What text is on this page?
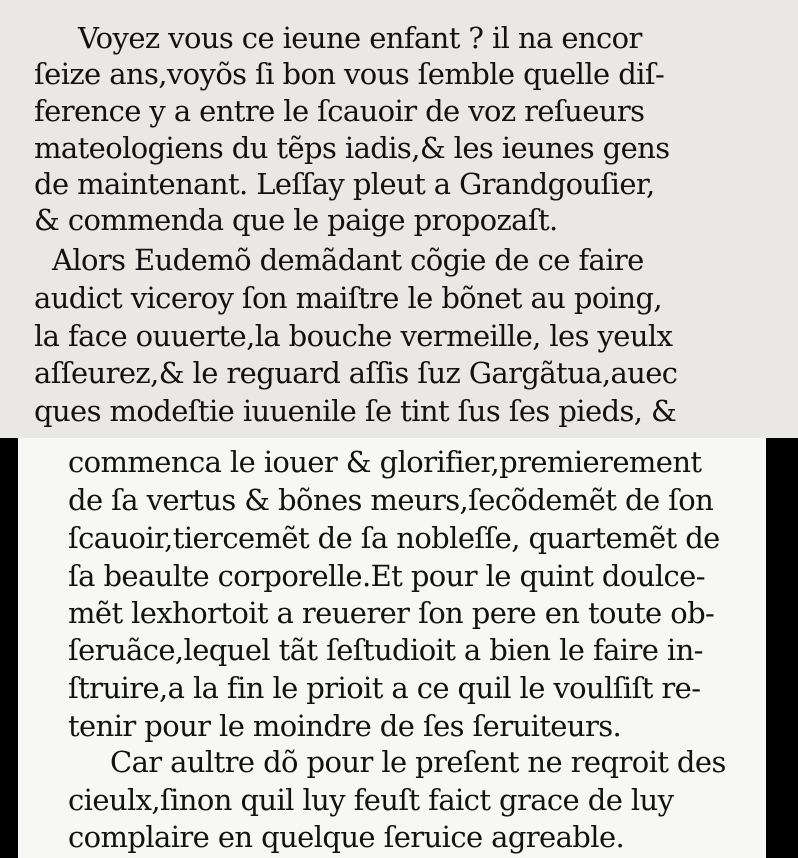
Voyez vous ce ieune enfant ? il na encor
ſeize ans,voyõs ſi bon vous ſemble quelle diſ-
ference y a entre le ſcauoir de voz reſueurs
mateologiens du tẽps iadis,& les ieunes gens
de maintenant. Leſſay pleut a Grandgouſier,
& commenda que le paige propozaſt.
Alors Eudemõ demãdant cõgie de ce faire
audict viceroy ſon maiſtre le bõnet au poing,
la face ouuerte,la bouche vermeille, les yeulx
aſſeurez,& le reguard aſſis ſuz Gargãtua,auec
ques modeſtie iuuenile ſe tint ſus ſes pieds, &
commenca le iouer & glorifier,premierement
de ſa vertus & bõnes meurs,ſecõdemẽt de ſon
ſcauoir,tiercemẽt de ſa nobleſſe, quartemẽt de
ſa beaulte corporelle.Et pour le quint doulce-
mẽt lexhortoit a reuerer ſon pere en toute ob-
ſeruãce,lequel tãt ſeſtudioit a bien le faire in-
ſtruire,a la fin le prioit a ce quil le voulſiſt re-
tenir pour le moindre de ſes ſeruiteurs.
Car aultre dõ pour le preſent ne reqroit des
cieulx,ſinon quil luy feuſt faict grace de luy
complaire en quelque ſeruice agreable.
